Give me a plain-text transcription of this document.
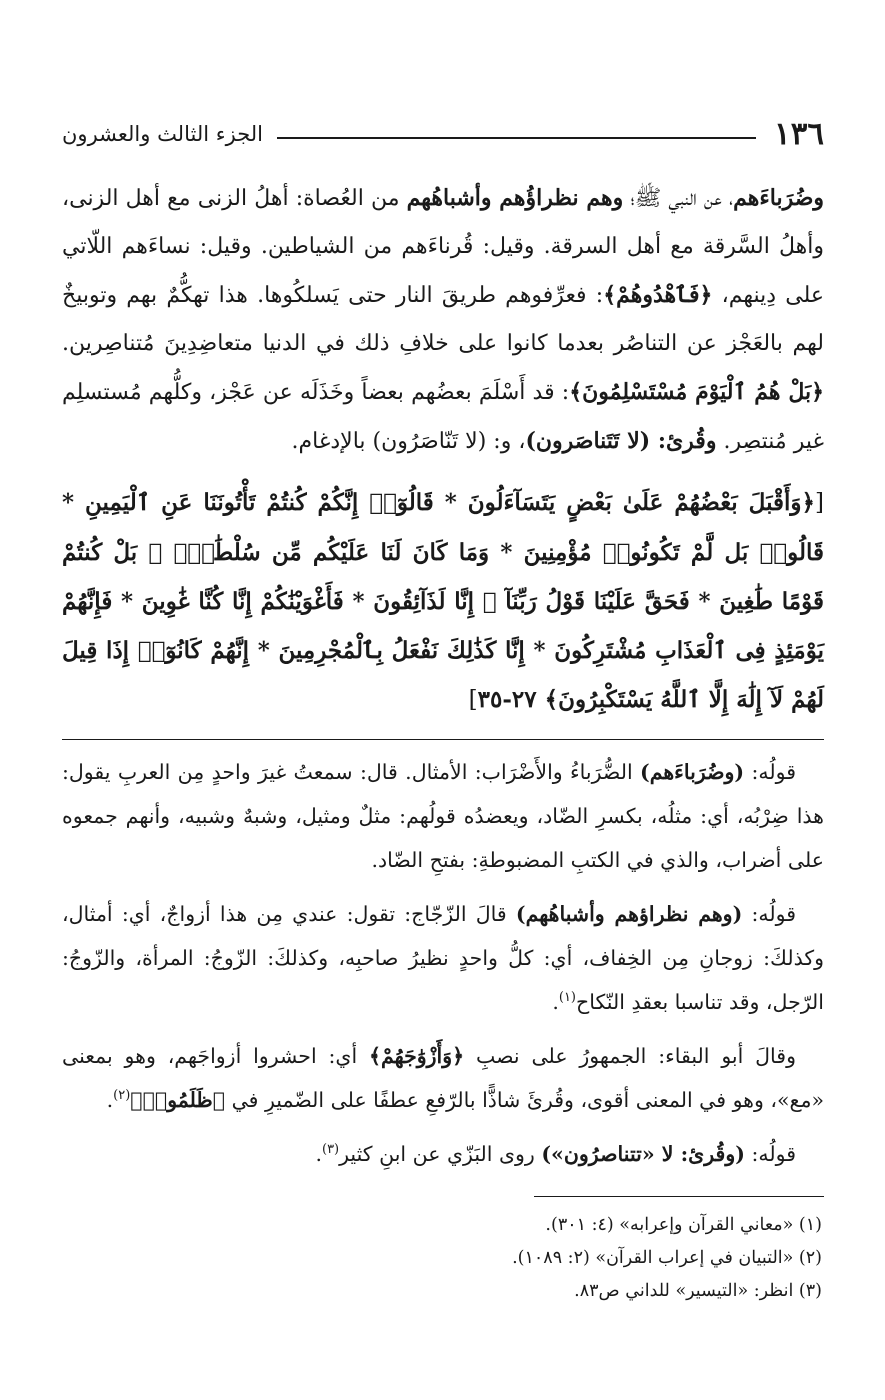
١٣٦
الجزء الثالث والعشرون

وضُرَباءَهم، عن النبي ﷺ؛ وهم نظراؤُهم وأشباهُهم من العُصاة: أهلُ الزنى مع أهل الزنى، وأهلُ السَّرقة مع أهل السرقة. وقيل: قُرناءَهم من الشياطين. وقيل: نساءَهم اللّاتي على دِينهم، ﴿فَٱهْدُوهُمْ﴾: فعرِّفوهم طريقَ النار حتى يَسلكُوها. هذا تهكُّمٌ بهم وتوبيخٌ لهم بالعَجْز عن التناصُر بعدما كانوا على خلافِ ذلك في الدنيا متعاضِدِينَ مُتناصِرين. ﴿بَلْ هُمُ ٱلْيَوْمَ مُسْتَسْلِمُونَ﴾: قد أَسْلَمَ بعضُهم بعضاً وخَذَلَه عن عَجْز، وكلُّهم مُستسلِم غير مُنتصِر. وقُرئ: (لا تَتَناصَرون)، و: (لا تَنّاصَرُون) بالإدغام.

[﴿وَأَقْبَلَ بَعْضُهُمْ عَلَىٰ بَعْضٍ يَتَسَآءَلُونَ * قَالُوٓا۟ إِنَّكُمْ كُنتُمْ تَأْتُونَنَا عَنِ ٱلْيَمِينِ * قَالُوا۟ بَل لَّمْ تَكُونُوا۟ مُؤْمِنِينَ * وَمَا كَانَ لَنَا عَلَيْكُم مِّن سُلْطَٰنٍۭ ۖ بَلْ كُنتُمْ قَوْمًا طَٰغِينَ * فَحَقَّ عَلَيْنَا قَوْلُ رَبِّنَآ ۖ إِنَّا لَذَآئِقُونَ * فَأَغْوَيْنَٰكُمْ إِنَّا كُنَّا غَٰوِينَ * فَإِنَّهُمْ يَوْمَئِذٍ فِى ٱلْعَذَابِ مُشْتَرِكُونَ * إِنَّا كَذَٰلِكَ نَفْعَلُ بِٱلْمُجْرِمِينَ * إِنَّهُمْ كَانُوٓا۟ إِذَا قِيلَ لَهُمْ لَآ إِلَٰهَ إِلَّا ٱللَّهُ يَسْتَكْبِرُونَ﴾ ٢٧-٣٥]

قولُه: (وضُرَباءَهم) الضُّرَباءُ والأَضْرَاب: الأمثال. قال: سمعتُ غيرَ واحدٍ مِن العربِ يقول: هذا ضِرْبُه، أي: مثلُه، بكسرِ الضّاد، ويعضدُه قولُهم: مثلٌ ومثيل، وشبهٌ وشبيه، وأنهم جمعوه على أضراب، والذي في الكتبِ المضبوطةِ: بفتحِ الضّاد.

قولُه: (وهم نظراؤهم وأشباهُهم) قالَ الزّجّاج: تقول: عندي مِن هذا أزواجٌ، أي: أمثال، وكذلكَ: زوجانِ مِن الخِفاف، أي: كلُّ واحدٍ نظيرُ صاحبِه، وكذلكَ: الزّوجُ: المرأة، والزّوجُ: الرّجل، وقد تناسبا بعقدِ النّكاح$^{(١)}$.

وقالَ أبو البقاء: الجمهورُ على نصبِ ﴿وَأَزْوَٰجَهُمْ﴾ أي: احشروا أزواجَهم، وهو بمعنى «مع»، وهو في المعنى أقوى، وقُرئَ شاذًّا بالرّفعِ عطفًا على الضّميرِ في ﴿ظَلَمُوا۟﴾$^{(٢)}$.

قولُه: (وقُرئ: لا «تتناصرُون») روى البَزّي عن ابنِ كثير$^{(٣)}$.

(١) «معاني القرآن وإعرابه» (٤: ٣٠١).

(٢) «التبيان في إعراب القرآن» (٢: ١٠٨٩).

(٣) انظر: «التيسير» للداني ص٨٣.
